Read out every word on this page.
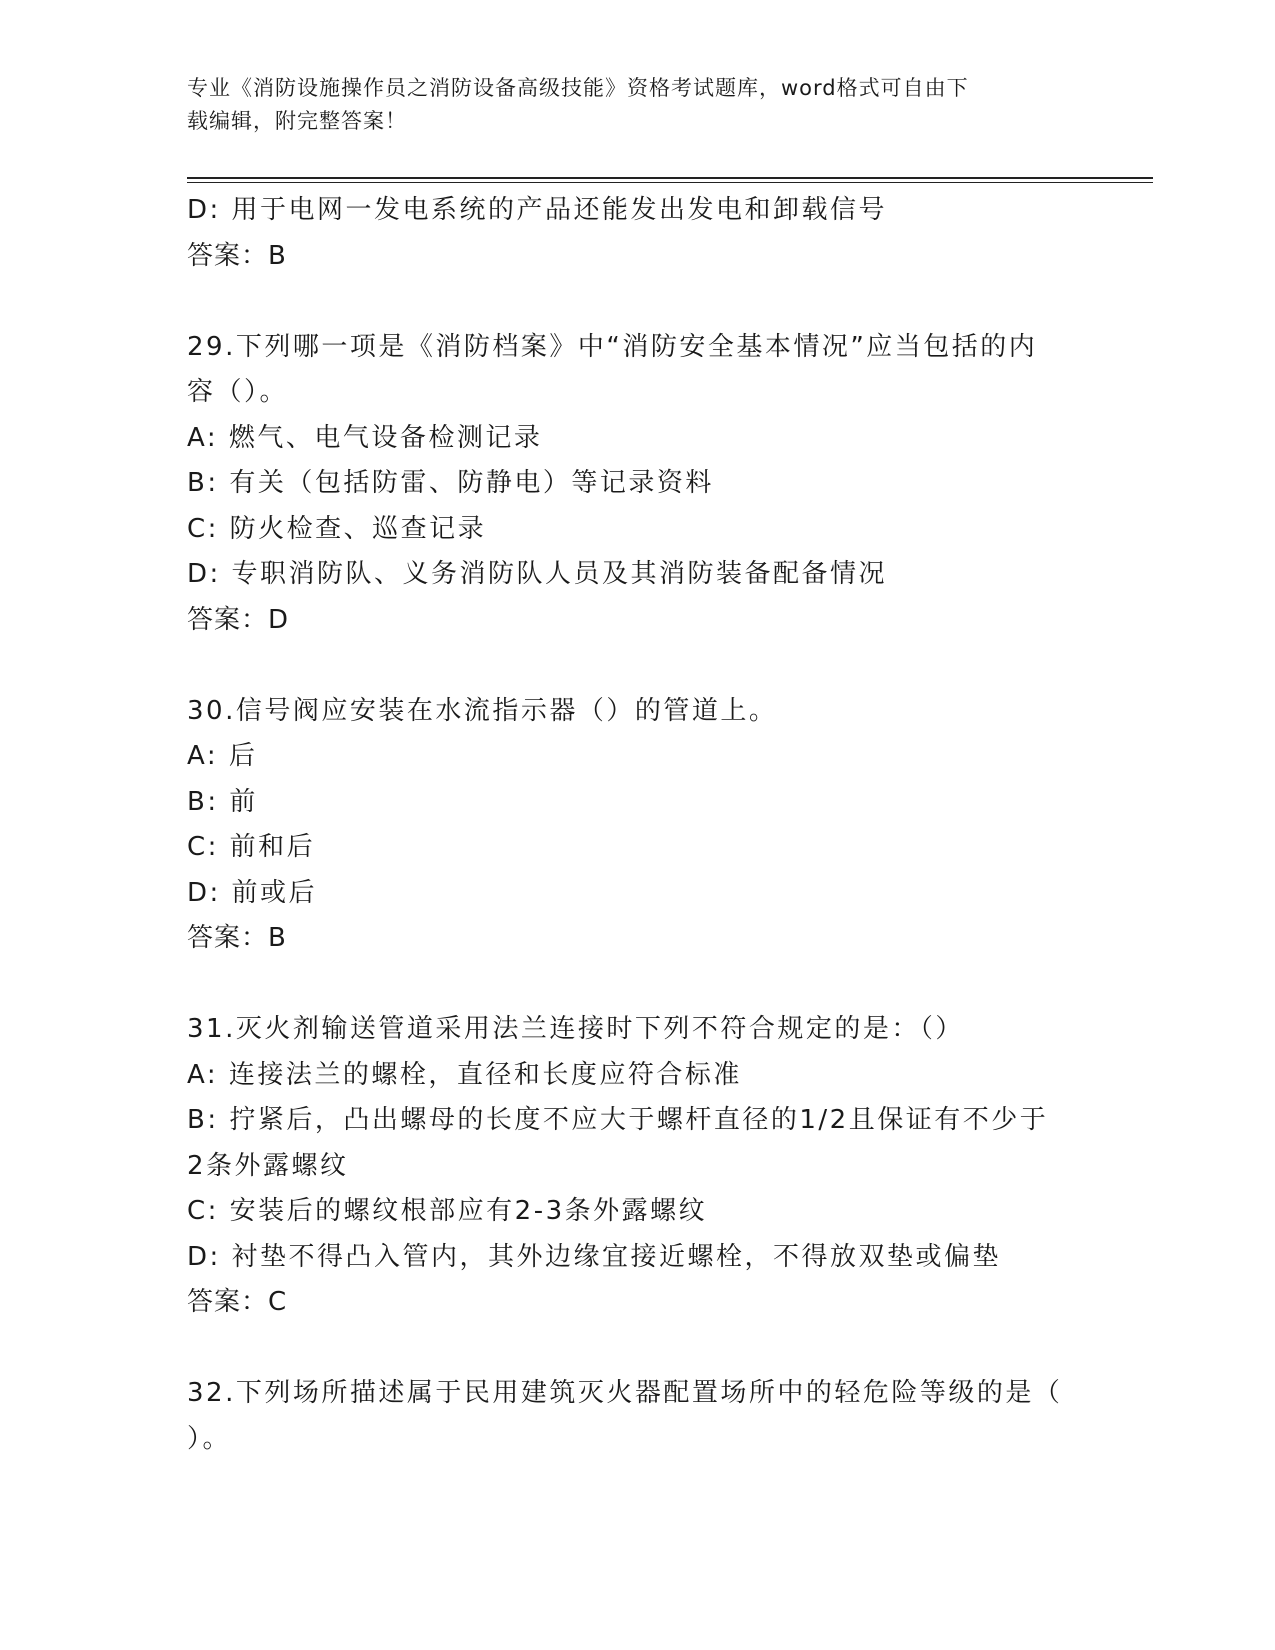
专业《消防设施操作员之消防设备高级技能》资格考试题库，word格式可自由下
载编辑，附完整答案！
D: 用于电网一发电系统的产品还能发出发电和卸载信号
答案：B
29.下列哪一项是《消防档案》中“消防安全基本情况”应当包括的内
容（）。
A: 燃气、电气设备检测记录
B: 有关（包括防雷、防静电）等记录资料
C: 防火检查、巡查记录
D: 专职消防队、义务消防队人员及其消防装备配备情况
答案：D
30.信号阀应安装在水流指示器（）的管道上。
A: 后
B: 前
C: 前和后
D: 前或后
答案：B
31.灭火剂输送管道采用法兰连接时下列不符合规定的是：（）
A: 连接法兰的螺栓，直径和长度应符合标准
B: 拧紧后，凸出螺母的长度不应大于螺杆直径的1/2且保证有不少于
2条外露螺纹
C: 安装后的螺纹根部应有2-3条外露螺纹
D: 衬垫不得凸入管内，其外边缘宜接近螺栓，不得放双垫或偏垫
答案：C
32.下列场所描述属于民用建筑灭火器配置场所中的轻危险等级的是（
）。
